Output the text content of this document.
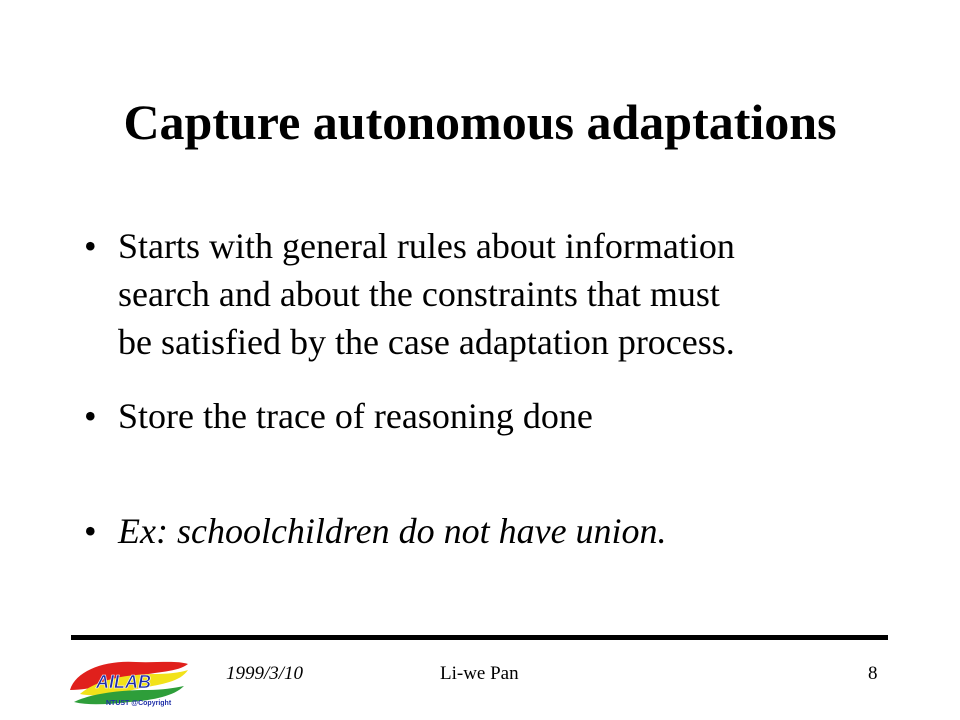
Capture autonomous adaptations
• Starts with general rules about information
search and about the constraints that must
be satisfied by the case adaptation process.
• Store the trace of reasoning done
• Ex: schoolchildren do not have union.
AILAB
NTUST @Copyright
1999/3/10	Li-we Pan	8
